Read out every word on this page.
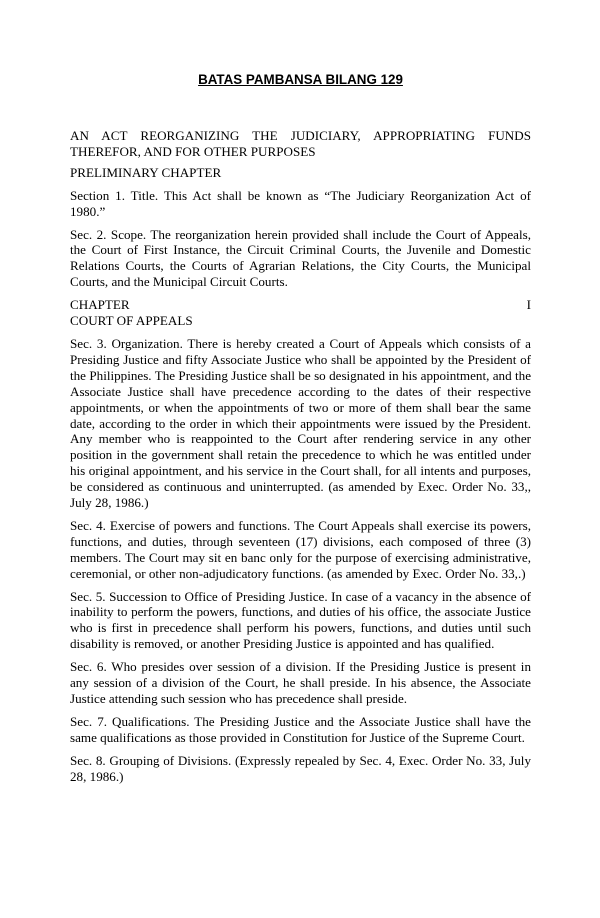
BATAS PAMBANSA BILANG 129
AN ACT REORGANIZING THE JUDICIARY, APPROPRIATING FUNDS THEREFOR, AND FOR OTHER PURPOSES
PRELIMINARY CHAPTER
Section 1. Title. This Act shall be known as “The Judiciary Reorganization Act of 1980.”
Sec. 2. Scope. The reorganization herein provided shall include the Court of Appeals, the Court of First Instance, the Circuit Criminal Courts, the Juvenile and Domestic Relations Courts, the Courts of Agrarian Relations, the City Courts, the Municipal Courts, and the Municipal Circuit Courts.
CHAPTER	I
COURT OF APPEALS
Sec. 3. Organization. There is hereby created a Court of Appeals which consists of a Presiding Justice and fifty Associate Justice who shall be appointed by the President of the Philippines. The Presiding Justice shall be so designated in his appointment, and the Associate Justice shall have precedence according to the dates of their respective appointments, or when the appointments of two or more of them shall bear the same date, according to the order in which their appointments were issued by the President. Any member who is reappointed to the Court after rendering service in any other position in the government shall retain the precedence to which he was entitled under his original appointment, and his service in the Court shall, for all intents and purposes, be considered as continuous and uninterrupted. (as amended by Exec. Order No. 33,, July 28, 1986.)
Sec. 4. Exercise of powers and functions. The Court Appeals shall exercise its powers, functions, and duties, through seventeen (17) divisions, each composed of three (3) members. The Court may sit en banc only for the purpose of exercising administrative, ceremonial, or other non-adjudicatory functions. (as amended by Exec. Order No. 33,.)
Sec. 5. Succession to Office of Presiding Justice. In case of a vacancy in the absence of inability to perform the powers, functions, and duties of his office, the associate Justice who is first in precedence shall perform his powers, functions, and duties until such disability is removed, or another Presiding Justice is appointed and has qualified.
Sec. 6. Who presides over session of a division. If the Presiding Justice is present in any session of a division of the Court, he shall preside. In his absence, the Associate Justice attending such session who has precedence shall preside.
Sec. 7. Qualifications. The Presiding Justice and the Associate Justice shall have the same qualifications as those provided in Constitution for Justice of the Supreme Court.
Sec. 8. Grouping of Divisions. (Expressly repealed by Sec. 4, Exec. Order No. 33, July 28, 1986.)
